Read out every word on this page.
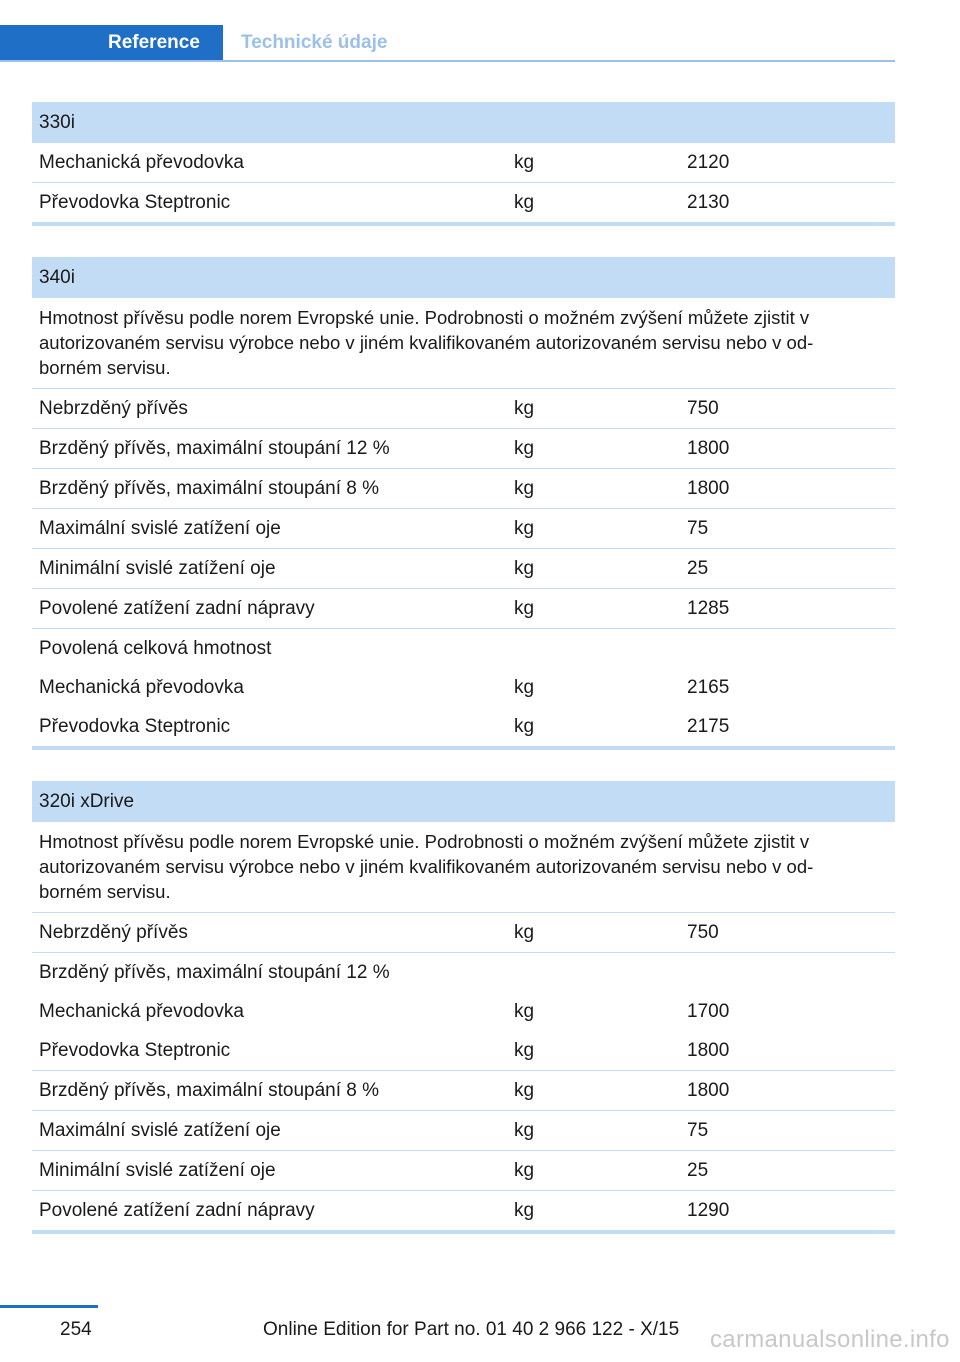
Reference	Technické údaje
330i
Mechanická převodovka	kg	2120
Převodovka Steptronic	kg	2130
340i
Hmotnost přívěsu podle norem Evropské unie. Podrobnosti o možném zvýšení můžete zjistit v autorizovaném servisu výrobce nebo v jiném kvalifikovaném autorizovaném servisu nebo v od‐ borném servisu.
Nebrzděný přívěs	kg	750
Brzděný přívěs, maximální stoupání 12 %	kg	1800
Brzděný přívěs, maximální stoupání 8 %	kg	1800
Maximální svislé zatížení oje	kg	75
Minimální svislé zatížení oje	kg	25
Povolené zatížení zadní nápravy	kg	1285
Povolená celková hmotnost
Mechanická převodovka	kg	2165
Převodovka Steptronic	kg	2175
320i xDrive
Hmotnost přívěsu podle norem Evropské unie. Podrobnosti o možném zvýšení můžete zjistit v autorizovaném servisu výrobce nebo v jiném kvalifikovaném autorizovaném servisu nebo v od‐ borném servisu.
Nebrzděný přívěs	kg	750
Brzděný přívěs, maximální stoupání 12 %
Mechanická převodovka	kg	1700
Převodovka Steptronic	kg	1800
Brzděný přívěs, maximální stoupání 8 %	kg	1800
Maximální svislé zatížení oje	kg	75
Minimální svislé zatížení oje	kg	25
Povolené zatížení zadní nápravy	kg	1290
254	Online Edition for Part no. 01 40 2 966 122 - X/15 carmanualsonline.info
